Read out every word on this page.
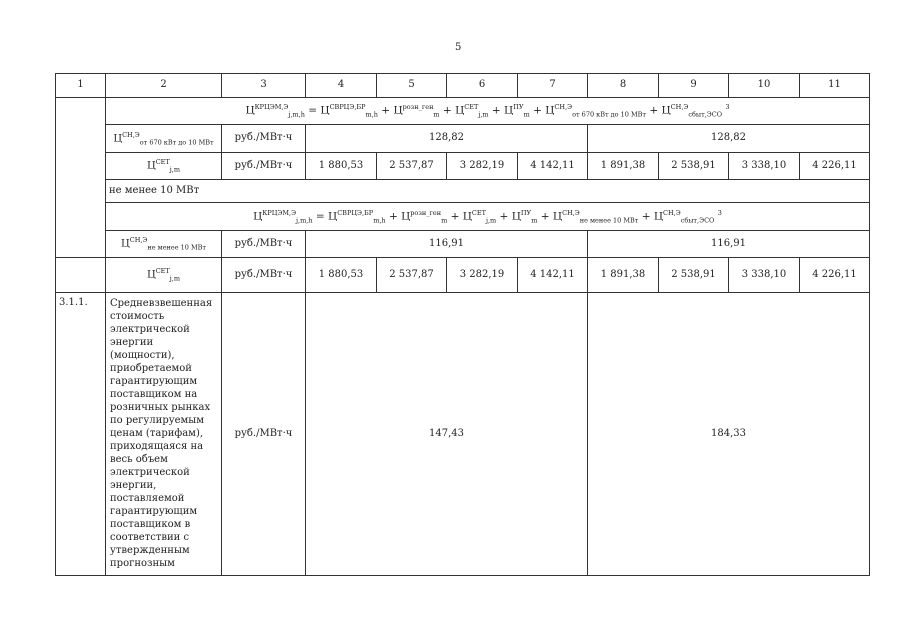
5
1	2	3	4	5	6	7	8	9	10	11
	$Ц^{КРЦЭМ,Э}_{j,m,h} = Ц^{СВРЦЭ,БР}_{m,h} + Ц^{розн\_ген}_m + Ц^{СЕТ}_{j,m} + Ц^{ПУ}_m + Ц^{СН,Э}_{от 670 кВт до 10 МВт} + Ц^{СН,Э}_{сбыт,ЭСО}$ $^3$
	$Ц^{СН,Э}_{от 670 кВт до 10 МВт}$	руб./МВт·ч	128,82				128,82			
	$Ц^{СЕТ}_{j,m}$	руб./МВт·ч	1 880,53	2 537,87	3 282,19	4 142,11	1 891,38	2 538,91	3 338,10	4 226,11
	не менее 10 МВт									
	$Ц^{КРЦЭМ,Э}_{j,m,h} = Ц^{СВРЦЭ,БР}_{m,h} + Ц^{розн\_ген}_m + Ц^{СЕТ}_{j,m} + Ц^{ПУ}_m + Ц^{СН,Э}_{не менее 10 МВт} + Ц^{СН,Э}_{сбыт,ЭСО}$ $^3$
	$Ц^{СН,Э}_{не менее 10 МВт}$	руб./МВт·ч	116,91				116,91			
	$Ц^{СЕТ}_{j,m}$	руб./МВт·ч	1 880,53	2 537,87	3 282,19	4 142,11	1 891,38	2 538,91	3 338,10	4 226,11
3.1.1.	Средневзвешенная стоимость электрической энергии (мощности), приобретаемой гарантирующим поставщиком на розничных рынках по регулируемым ценам (тарифам), приходящаяся на весь объем электрической энергии, поставляемой гарантирующим поставщиком в соответствии с утвержденным прогнозным	руб./МВт·ч	147,43				184,33			
